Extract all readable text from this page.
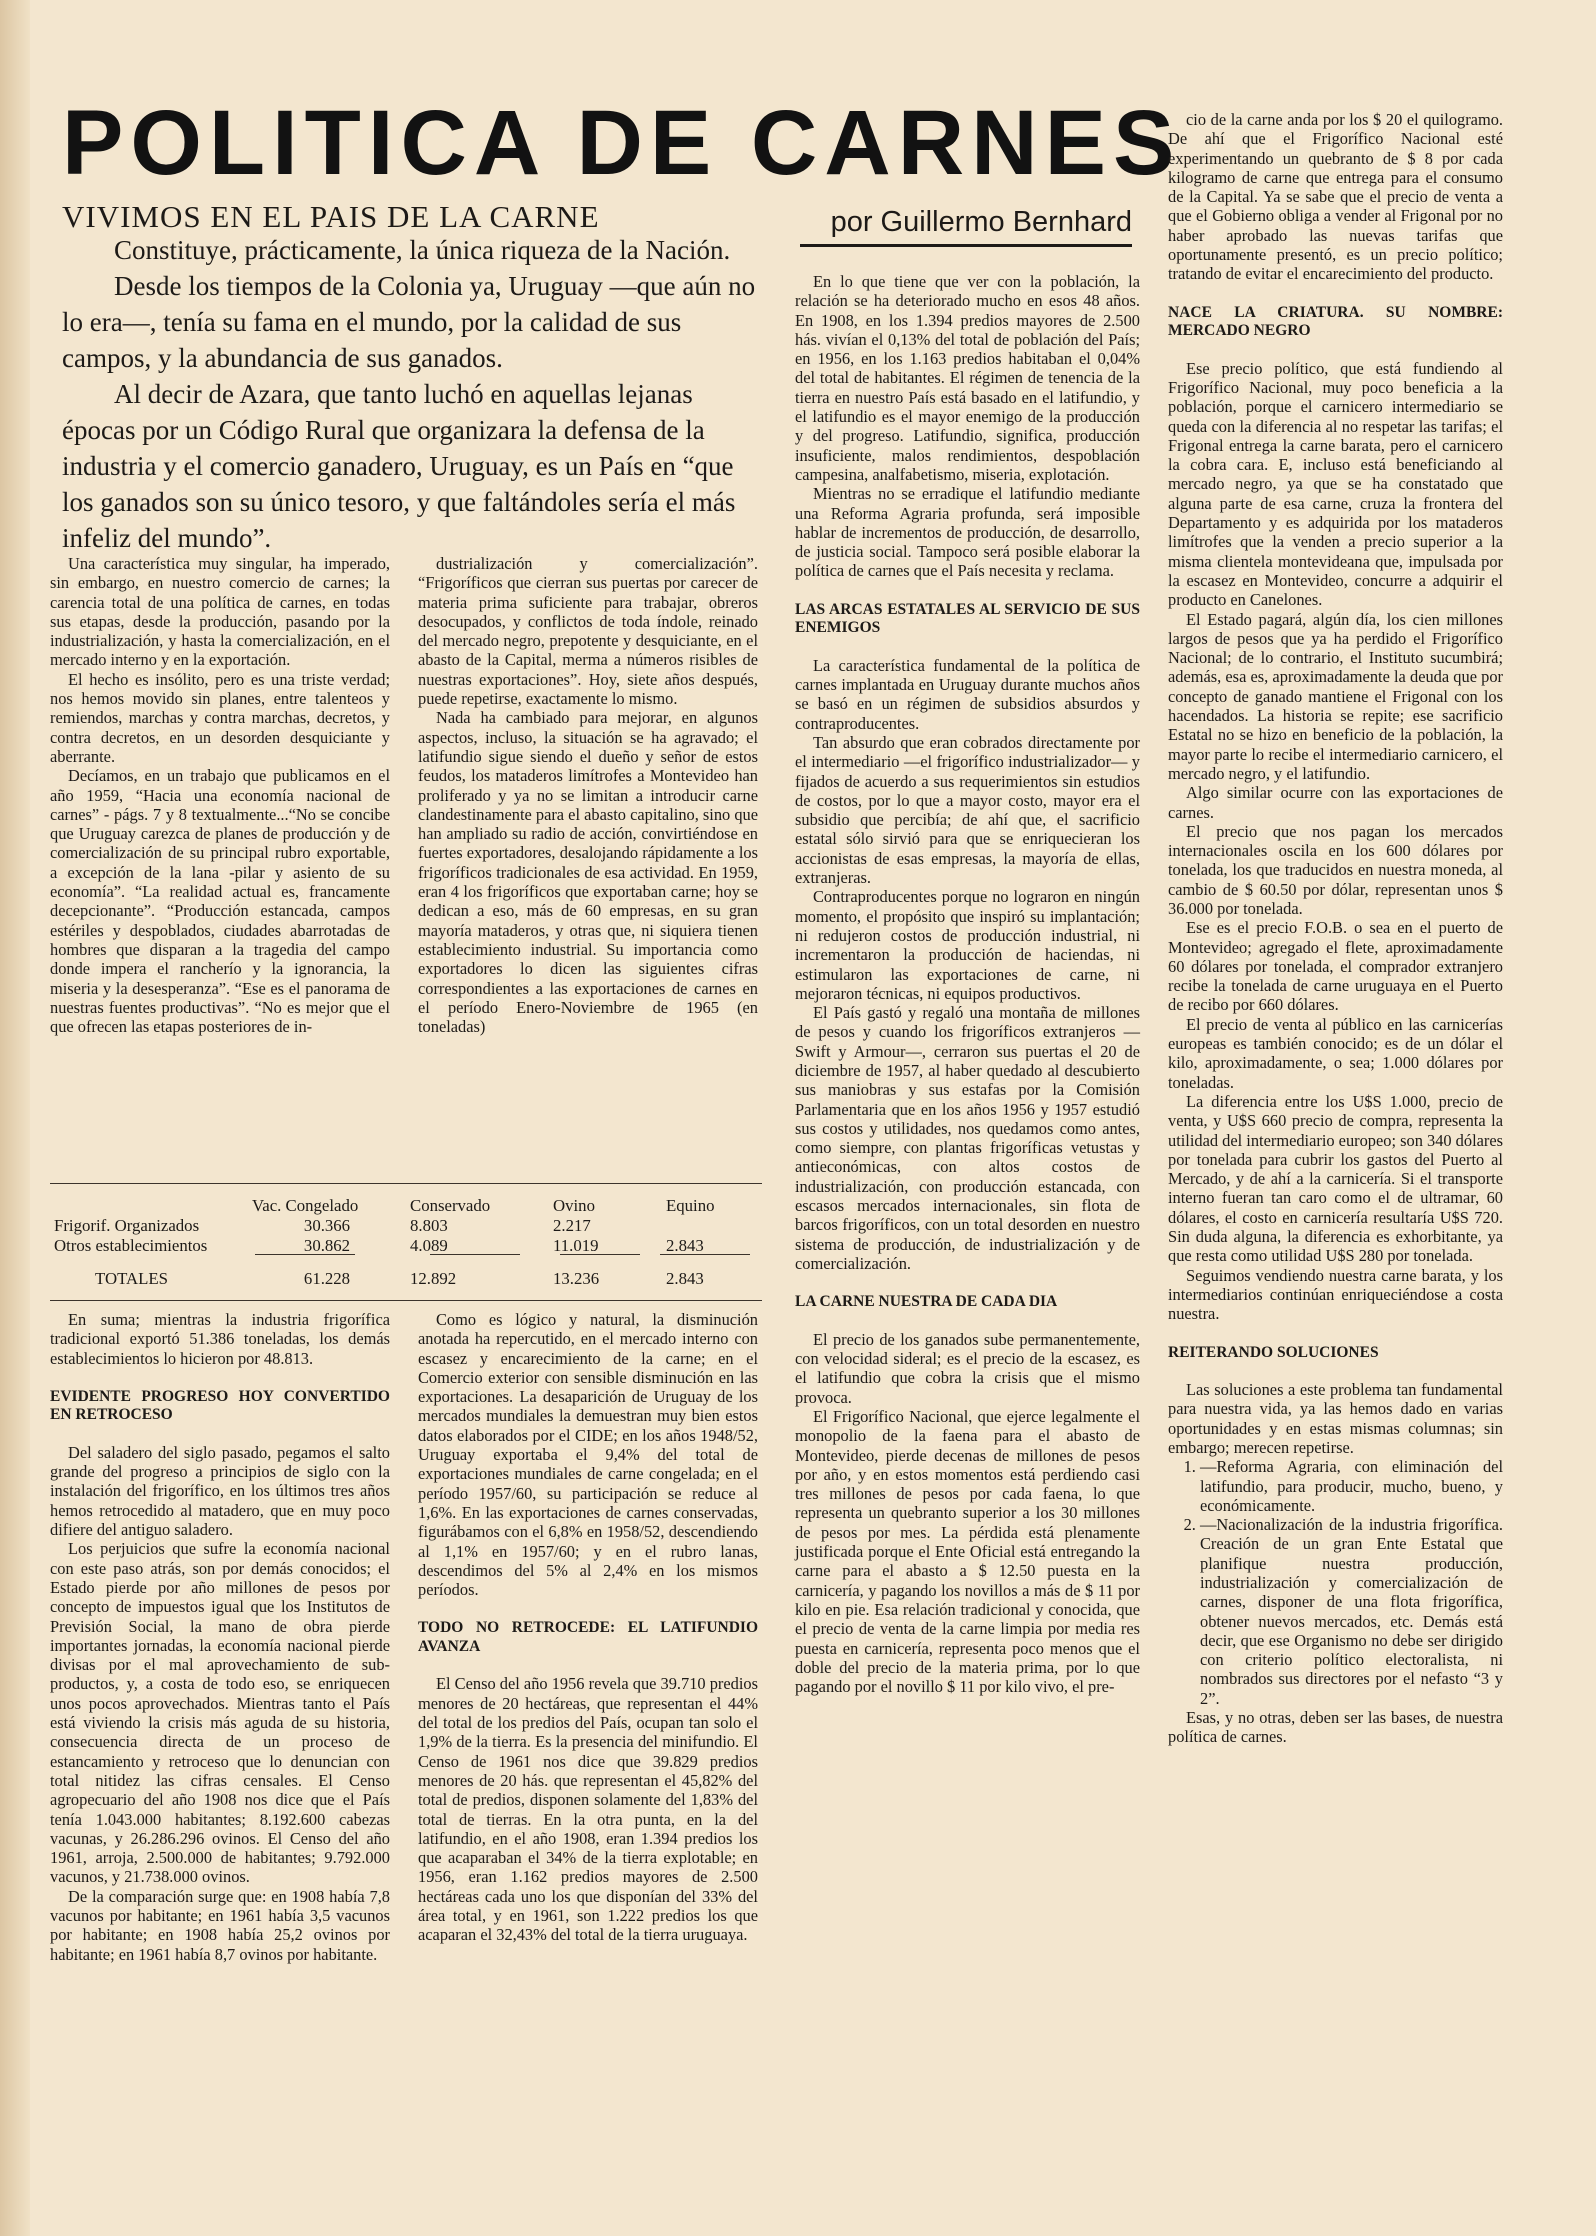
POLITICA DE CARNES
VIVIMOS EN EL PAIS DE LA CARNE	por Guillermo Bernhard

Constituye, prácticamente, la única riqueza de la Nación.

Desde los tiempos de la Colonia ya, Uruguay —que aún no lo era—, tenía su fama en el mundo, por la calidad de sus campos, y la abundancia de sus ganados.

Al decir de Azara, que tanto luchó en aquellas lejanas épocas por un Código Rural que organizara la defensa de la industria y el comercio ganadero, Uruguay, es un País en “que los ganados son su único tesoro, y que faltándoles sería el más infeliz del mundo”.

Una característica muy singular, ha imperado, sin embargo, en nuestro comercio de carnes; la carencia total de una política de carnes, en todas sus etapas, desde la producción, pasando por la industrialización, y hasta la comercialización, en el mercado interno y en la exportación.

El hecho es insólito, pero es una triste verdad; nos hemos movido sin planes, entre talenteos y remiendos, marchas y contra marchas, decretos, y contra decretos, en un desorden desquiciante y aberrante.

Decíamos, en un trabajo que publicamos en el año 1959, “Hacia una economía nacional de carnes” - págs. 7 y 8 textualmente...“No se concibe que Uruguay carezca de planes de producción y de comercialización de su principal rubro exportable, a excepción de la lana -pilar y asiento de su economía”. “La realidad actual es, francamente decepcionante”. “Producción estancada, campos estériles y despoblados, ciudades abarrotadas de hombres que disparan a la tragedia del campo donde impera el rancherío y la ignorancia, la miseria y la desesperanza”. “Ese es el panorama de nuestras fuentes productivas”. “No es mejor que el que ofrecen las etapas posteriores de in-

dustrialización y comercialización”. “Frigoríficos que cierran sus puertas por carecer de materia prima suficiente para trabajar, obreros desocupados, y conflictos de toda índole, reinado del mercado negro, prepotente y desquiciante, en el abasto de la Capital, merma a números risibles de nuestras exportaciones”. Hoy, siete años después, puede repetirse, exactamente lo mismo.

Nada ha cambiado para mejorar, en algunos aspectos, incluso, la situación se ha agravado; el latifundio sigue siendo el dueño y señor de estos feudos, los mataderos limítrofes a Montevideo han proliferado y ya no se limitan a introducir carne clandestinamente para el abasto capitalino, sino que han ampliado su radio de acción, convirtiéndose en fuertes exportadores, desalojando rápidamente a los frigoríficos tradicionales de esa actividad. En 1959, eran 4 los frigoríficos que exportaban carne; hoy se dedican a eso, más de 60 empresas, en su gran mayoría mataderos, y otras que, ni siquiera tienen establecimiento industrial. Su importancia como exportadores lo dicen las siguientes cifras correspondientes a las exportaciones de carnes en el período Enero-Noviembre de 1965 (en toneladas)

	Vac. Congelado	Conservado	Ovino	Equino
Frigorif. Organizados	30.366	8.803	2.217	
Otros establecimientos	30.862	4.089	11.019	2.843
TOTALES	61.228	12.892	13.236	2.843

En suma; mientras la industria frigorífica tradicional exportó 51.386 toneladas, los demás establecimientos lo hicieron por 48.813.

EVIDENTE PROGRESO HOY CONVERTIDO EN RETROCESO

Del saladero del siglo pasado, pegamos el salto grande del progreso a principios de siglo con la instalación del frigorífico, en los últimos tres años hemos retrocedido al matadero, que en muy poco difiere del antiguo saladero.

Los perjuicios que sufre la economía nacional con este paso atrás, son por demás conocidos; el Estado pierde por año millones de pesos por concepto de impuestos igual que los Institutos de Previsión Social, la mano de obra pierde importantes jornadas, la economía nacional pierde divisas por el mal aprovechamiento de sub-productos, y, a costa de todo eso, se enriquecen unos pocos aprovechados. Mientras tanto el País está viviendo la crisis más aguda de su historia, consecuencia directa de un proceso de estancamiento y retroceso que lo denuncian con total nitidez las cifras censales. El Censo agropecuario del año 1908 nos dice que el País tenía 1.043.000 habitantes; 8.192.600 cabezas vacunas, y 26.286.296 ovinos. El Censo del año 1961, arroja, 2.500.000 de habitantes; 9.792.000 vacunos, y 21.738.000 ovinos.

De la comparación surge que: en 1908 había 7,8 vacunos por habitante; en 1961 había 3,5 vacunos por habitante; en 1908 había 25,2 ovinos por habitante; en 1961 había 8,7 ovinos por habitante.

Como es lógico y natural, la disminución anotada ha repercutido, en el mercado interno con escasez y encarecimiento de la carne; en el Comercio exterior con sensible disminución en las exportaciones. La desaparición de Uruguay de los mercados mundiales la demuestran muy bien estos datos elaborados por el CIDE; en los años 1948/52, Uruguay exportaba el 9,4% del total de exportaciones mundiales de carne congelada; en el período 1957/60, su participación se reduce al 1,6%. En las exportaciones de carnes conservadas, figurábamos con el 6,8% en 1958/52, descendiendo al 1,1% en 1957/60; y en el rubro lanas, descendimos del 5% al 2,4% en los mismos períodos.

TODO NO RETROCEDE: EL LATIFUNDIO AVANZA

El Censo del año 1956 revela que 39.710 predios menores de 20 hectáreas, que representan el 44% del total de los predios del País, ocupan tan solo el 1,9% de la tierra. Es la presencia del minifundio. El Censo de 1961 nos dice que 39.829 predios menores de 20 hás. que representan el 45,82% del total de predios, disponen solamente del 1,83% del total de tierras. En la otra punta, en la del latifundio, en el año 1908, eran 1.394 predios los que acaparaban el 34% de la tierra explotable; en 1956, eran 1.162 predios mayores de 2.500 hectáreas cada uno los que disponían del 33% del área total, y en 1961, son 1.222 predios los que acaparan el 32,43% del total de la tierra uruguaya.

En lo que tiene que ver con la población, la relación se ha deteriorado mucho en esos 48 años. En 1908, en los 1.394 predios mayores de 2.500 hás. vivían el 0,13% del total de población del País; en 1956, en los 1.163 predios habitaban el 0,04% del total de habitantes. El régimen de tenencia de la tierra en nuestro País está basado en el latifundio, y el latifundio es el mayor enemigo de la producción y del progreso. Latifundio, significa, producción insuficiente, malos rendimientos, despoblación campesina, analfabetismo, miseria, explotación.

Mientras no se erradique el latifundio mediante una Reforma Agraria profunda, será imposible hablar de incrementos de producción, de desarrollo, de justicia social. Tampoco será posible elaborar la política de carnes que el País necesita y reclama.

LAS ARCAS ESTATALES AL SERVICIO DE SUS ENEMIGOS

La característica fundamental de la política de carnes implantada en Uruguay durante muchos años se basó en un régimen de subsidios absurdos y contraproducentes.

Tan absurdo que eran cobrados directamente por el intermediario —el frigorífico industrializador— y fijados de acuerdo a sus requerimientos sin estudios de costos, por lo que a mayor costo, mayor era el subsidio que percibía; de ahí que, el sacrificio estatal sólo sirvió para que se enriquecieran los accionistas de esas empresas, la mayoría de ellas, extranjeras.

Contraproducentes porque no lograron en ningún momento, el propósito que inspiró su implantación; ni redujeron costos de producción industrial, ni incrementaron la producción de haciendas, ni estimularon las exportaciones de carne, ni mejoraron técnicas, ni equipos productivos.

El País gastó y regaló una montaña de millones de pesos y cuando los frigoríficos extranjeros —Swift y Armour—, cerraron sus puertas el 20 de diciembre de 1957, al haber quedado al descubierto sus maniobras y sus estafas por la Comisión Parlamentaria que en los años 1956 y 1957 estudió sus costos y utilidades, nos quedamos como antes, como siempre, con plantas frigoríficas vetustas y antieconómicas, con altos costos de industrialización, con producción estancada, con escasos mercados internacionales, sin flota de barcos frigoríficos, con un total desorden en nuestro sistema de producción, de industrialización y de comercialización.

LA CARNE NUESTRA DE CADA DIA

El precio de los ganados sube permanentemente, con velocidad sideral; es el precio de la escasez, es el latifundio que cobra la crisis que el mismo provoca.

El Frigorífico Nacional, que ejerce legalmente el monopolio de la faena para el abasto de Montevideo, pierde decenas de millones de pesos por año, y en estos momentos está perdiendo casi tres millones de pesos por cada faena, lo que representa un quebranto superior a los 30 millones de pesos por mes. La pérdida está plenamente justificada porque el Ente Oficial está entregando la carne para el abasto a $ 12.50 puesta en la carnicería, y pagando los novillos a más de $ 11 por kilo en pie. Esa relación tradicional y conocida, que el precio de venta de la carne limpia por media res puesta en carnicería, representa poco menos que el doble del precio de la materia prima, por lo que pagando por el novillo $ 11 por kilo vivo, el pre-

cio de la carne anda por los $ 20 el quilogramo. De ahí que el Frigorífico Nacional esté experimentando un quebranto de $ 8 por cada kilogramo de carne que entrega para el consumo de la Capital. Ya se sabe que el precio de venta a que el Gobierno obliga a vender al Frigonal por no haber aprobado las nuevas tarifas que oportunamente presentó, es un precio político; tratando de evitar el encarecimiento del producto.

NACE LA CRIATURA. SU NOMBRE: MERCADO NEGRO

Ese precio político, que está fundiendo al Frigorífico Nacional, muy poco beneficia a la población, porque el carnicero intermediario se queda con la diferencia al no respetar las tarifas; el Frigonal entrega la carne barata, pero el carnicero la cobra cara. E, incluso está beneficiando al mercado negro, ya que se ha constatado que alguna parte de esa carne, cruza la frontera del Departamento y es adquirida por los mataderos limítrofes que la venden a precio superior a la misma clientela montevideana que, impulsada por la escasez en Montevideo, concurre a adquirir el producto en Canelones.

El Estado pagará, algún día, los cien millones largos de pesos que ya ha perdido el Frigorífico Nacional; de lo contrario, el Instituto sucumbirá; además, esa es, aproximadamente la deuda que por concepto de ganado mantiene el Frigonal con los hacendados. La historia se repite; ese sacrificio Estatal no se hizo en beneficio de la población, la mayor parte lo recibe el intermediario carnicero, el mercado negro, y el latifundio.

Algo similar ocurre con las exportaciones de carnes.

El precio que nos pagan los mercados internacionales oscila en los 600 dólares por tonelada, los que traducidos en nuestra moneda, al cambio de $ 60.50 por dólar, representan unos $ 36.000 por tonelada.

Ese es el precio F.O.B. o sea en el puerto de Montevideo; agregado el flete, aproximadamente 60 dólares por tonelada, el comprador extranjero recibe la tonelada de carne uruguaya en el Puerto de recibo por 660 dólares.

El precio de venta al público en las carnicerías europeas es también conocido; es de un dólar el kilo, aproximadamente, o sea; 1.000 dólares por toneladas.

La diferencia entre los U$S 1.000, precio de venta, y U$S 660 precio de compra, representa la utilidad del intermediario europeo; son 340 dólares por tonelada para cubrir los gastos del Puerto al Mercado, y de ahí a la carnicería. Si el transporte interno fueran tan caro como el de ultramar, 60 dólares, el costo en carnicería resultaría U$S 720. Sin duda alguna, la diferencia es exhorbitante, ya que resta como utilidad U$S 280 por tonelada.

Seguimos vendiendo nuestra carne barata, y los intermediarios continúan enriqueciéndose a costa nuestra.

REITERANDO SOLUCIONES

Las soluciones a este problema tan fundamental para nuestra vida, ya las hemos dado en varias oportunidades y en estas mismas columnas; sin embargo; merecen repetirse.

1. —Reforma Agraria, con eliminación del latifundio, para producir, mucho, bueno, y económicamente.
2. —Nacionalización de la industria frigorífica. Creación de un gran Ente Estatal que planifique nuestra producción, industrialización y comercialización de carnes, disponer de una flota frigorífica, obtener nuevos mercados, etc. Demás está decir, que ese Organismo no debe ser dirigido con criterio político electoralista, ni nombrados sus directores por el nefasto “3 y 2”.

Esas, y no otras, deben ser las bases, de nuestra política de carnes.
